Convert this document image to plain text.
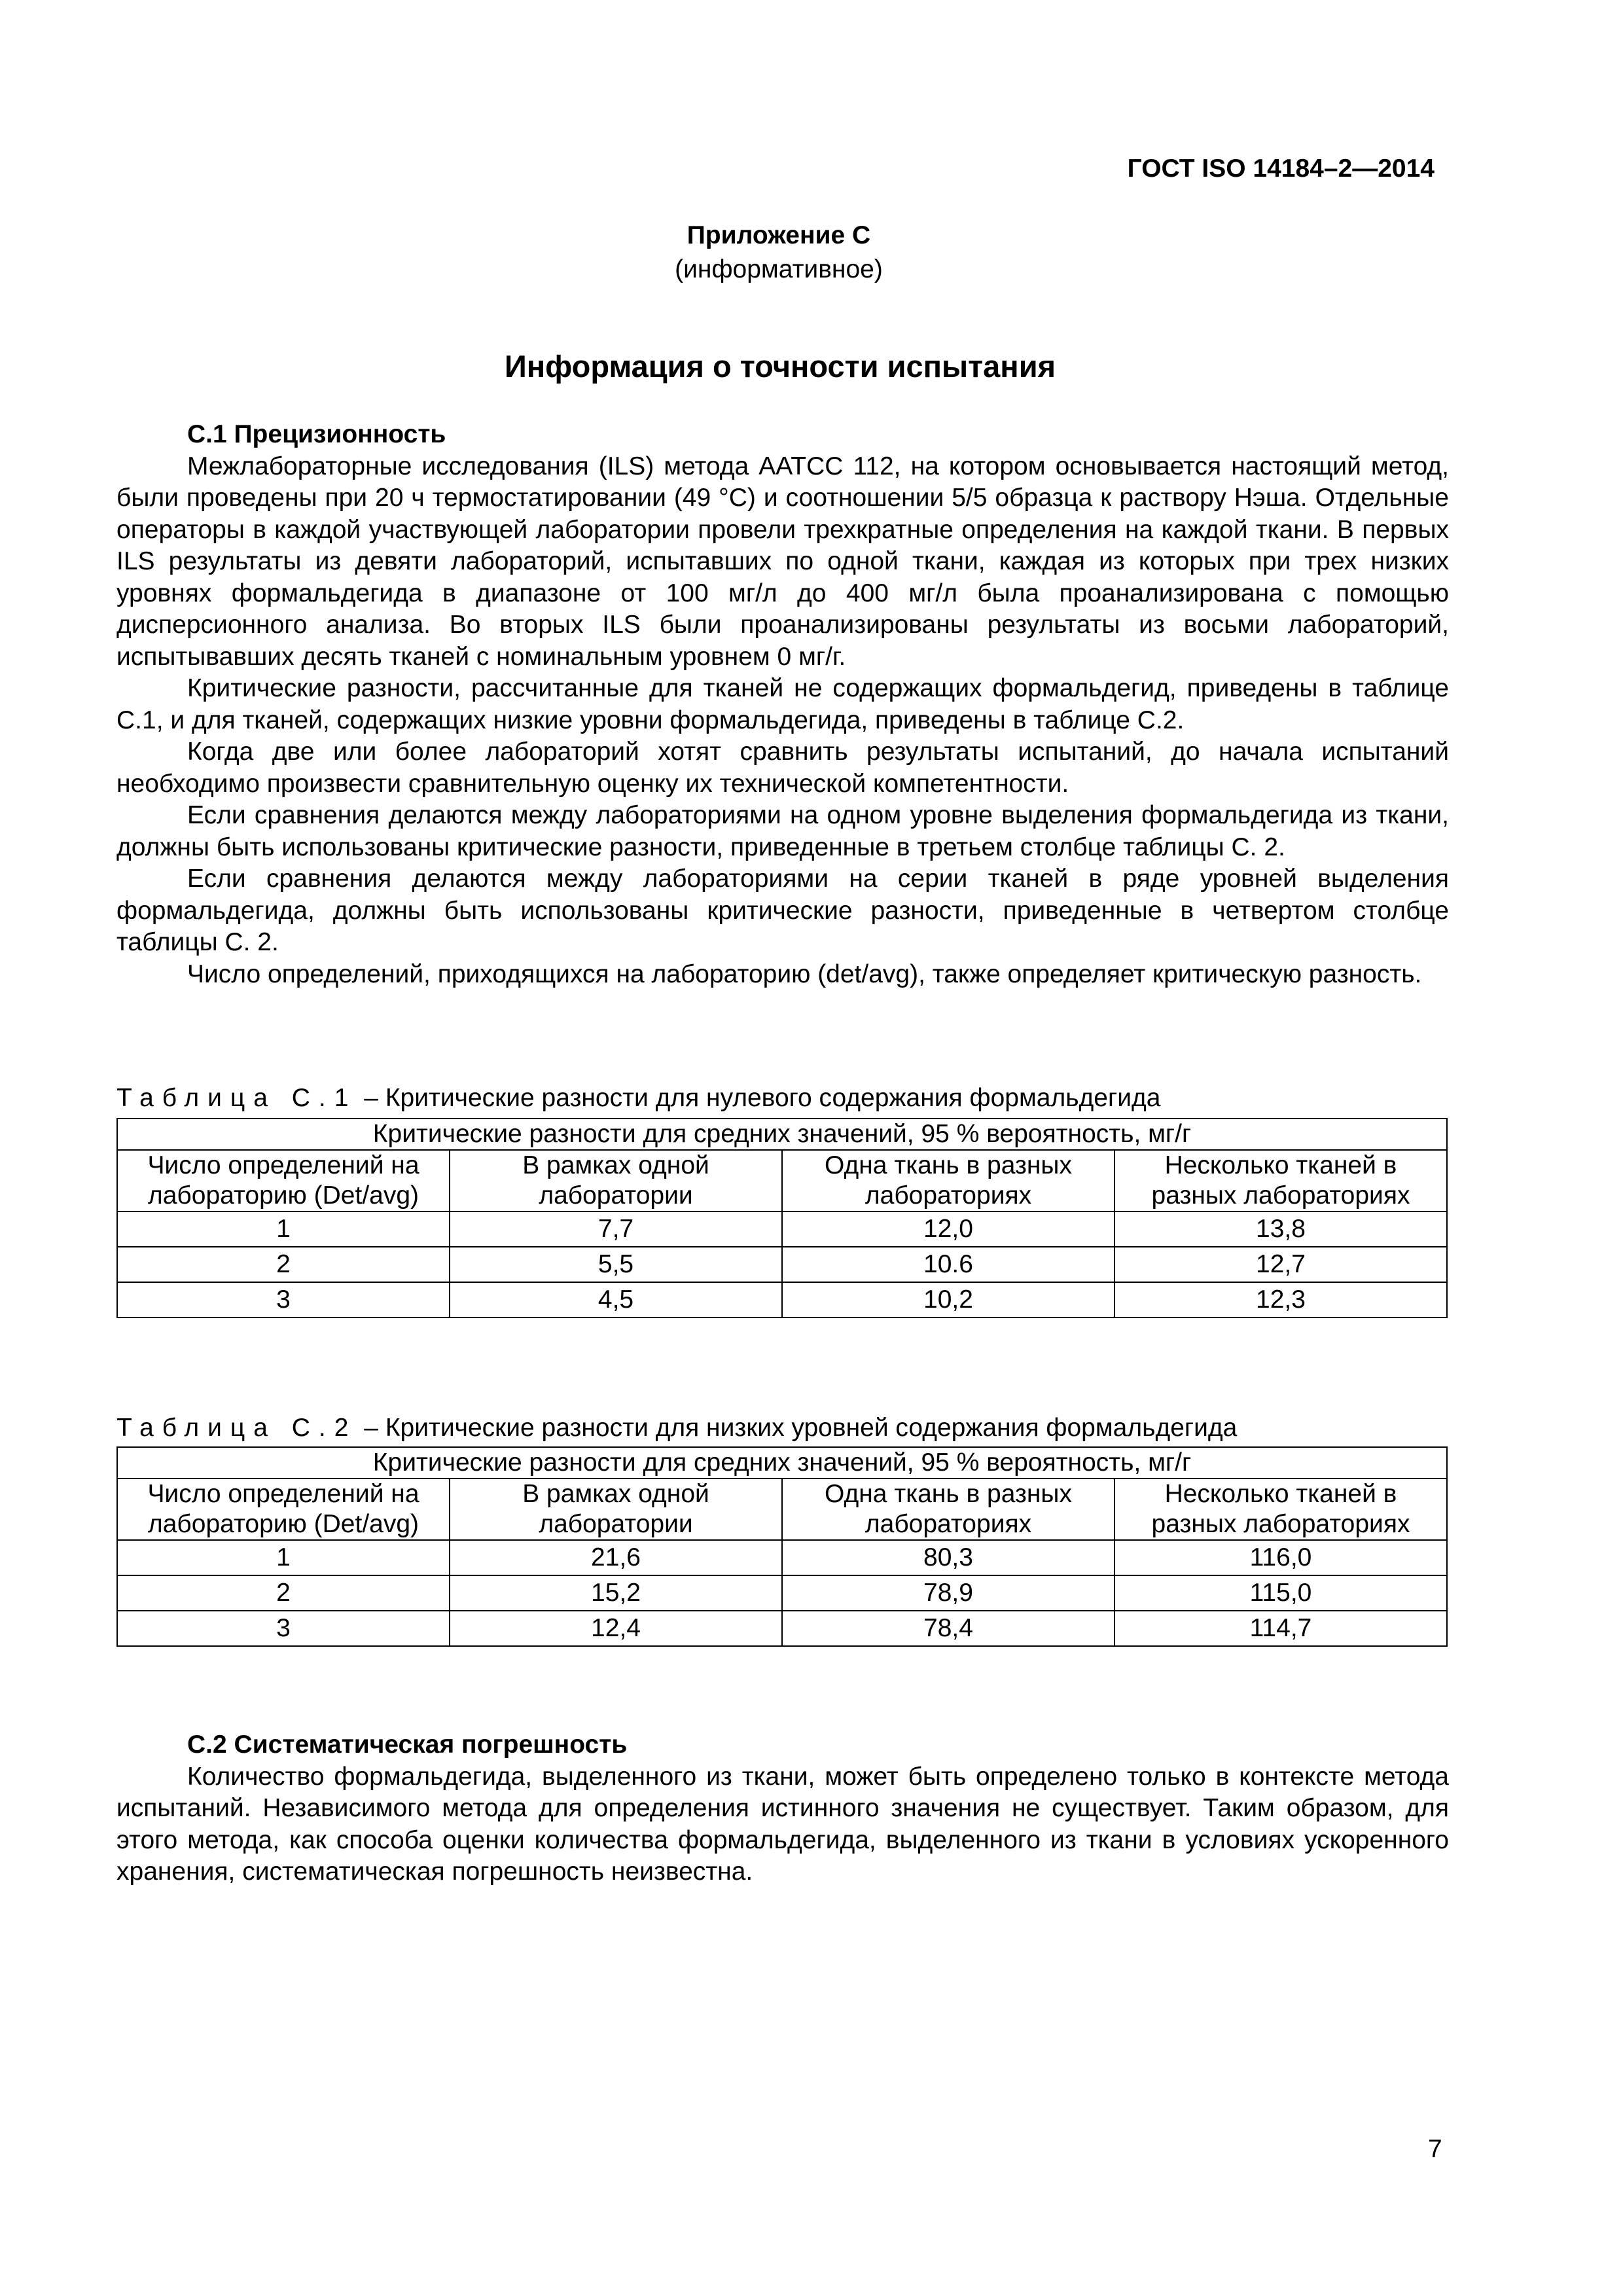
ГОСТ ISO 14184–2—2014
Приложение С
(информативное)
Информация о точности испытания
С.1 Прецизионность

Межлабораторные исследования (ILS) метода ААТСС 112, на котором основывается настоящий метод, были проведены при 20 ч термостатировании (49 °С) и соотношении 5/5 образца к раствору Нэша. Отдельные операторы в каждой участвующей лаборатории провели трехкратные определения на каждой ткани. В первых ILS результаты из девяти лабораторий, испытавших по одной ткани, каждая из которых при трех низких уровнях формальдегида в диапазоне от 100 мг/л до 400 мг/л была проанализирована с помощью дисперсионного анализа. Во вторых ILS были проанализированы результаты из восьми лабораторий, испытывавших десять тканей с номинальным уровнем 0 мг/г.

Критические разности, рассчитанные для тканей не содержащих формальдегид, приведены в таблице С.1, и для тканей, содержащих низкие уровни формальдегида, приведены в таблице С.2.

Когда две или более лабораторий хотят сравнить результаты испытаний, до начала испытаний необходимо произвести сравнительную оценку их технической компетентности.

Если сравнения делаются между лабораториями на одном уровне выделения формальдегида из ткани, должны быть использованы критические разности, приведенные в третьем столбце таблицы С. 2.

Если сравнения делаются между лабораториями на серии тканей в ряде уровней выделения формальдегида, должны быть использованы критические разности, приведенные в четвертом столбце таблицы С. 2.

Число определений, приходящихся на лабораторию (det/avg), также определяет критическую разность.

Таблица С.1 – Критические разности для нулевого содержания формальдегида
Критические разности для средних значений, 95 % вероятность, мг/г			
Число определений на лабораторию (Det/avg)	В рамках одной лаборатории	Одна ткань в разных лабораториях	Несколько тканей в разных лабораториях
1	7,7	12,0	13,8
2	5,5	10.6	12,7
3	4,5	10,2	12,3
Таблица С.2 – Критические разности для низких уровней содержания формальдегида
Критические разности для средних значений, 95 % вероятность, мг/г			
Число определений на лабораторию (Det/avg)	В рамках одной лаборатории	Одна ткань в разных лабораториях	Несколько тканей в разных лабораториях
1	21,6	80,3	116,0
2	15,2	78,9	115,0
3	12,4	78,4	114,7
С.2 Систематическая погрешность

Количество формальдегида, выделенного из ткани, может быть определено только в контексте метода испытаний. Независимого метода для определения истинного значения не существует. Таким образом, для этого метода, как способа оценки количества формальдегида, выделенного из ткани в условиях ускоренного хранения, систематическая погрешность неизвестна.

7
